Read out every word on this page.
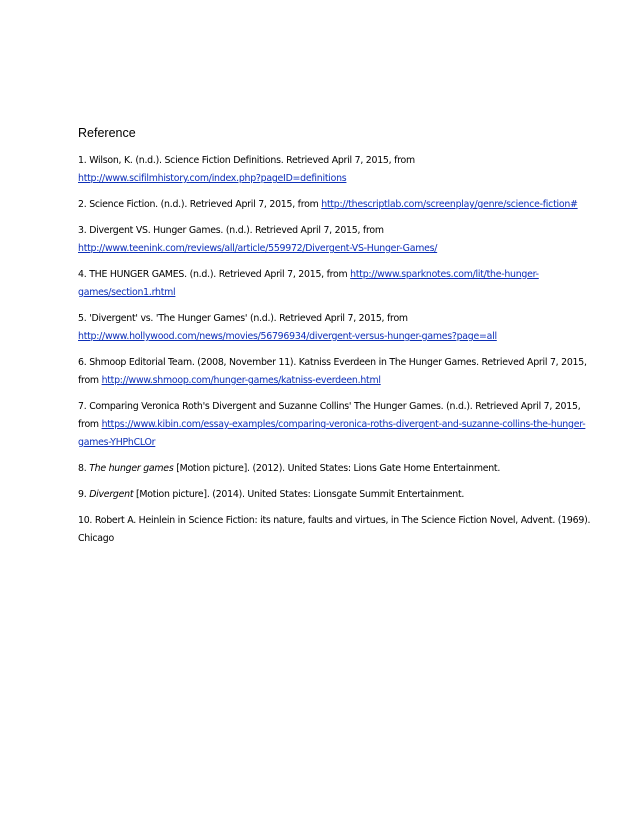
Reference
1. Wilson, K. (n.d.). Science Fiction Definitions. Retrieved April 7, 2015, from
http://www.scifilmhistory.com/index.php?pageID=definitions
2. Science Fiction. (n.d.). Retrieved April 7, 2015, from http://thescriptlab.com/screenplay/genre/science-fiction#
3. Divergent VS. Hunger Games. (n.d.). Retrieved April 7, 2015, from
http://www.teenink.com/reviews/all/article/559972/Divergent-VS-Hunger-Games/
4. THE HUNGER GAMES. (n.d.). Retrieved April 7, 2015, from http://www.sparknotes.com/lit/the-hunger-games/section1.rhtml
5. 'Divergent' vs. 'The Hunger Games' (n.d.). Retrieved April 7, 2015, from
http://www.hollywood.com/news/movies/56796934/divergent-versus-hunger-games?page=all
6. Shmoop Editorial Team. (2008, November 11). Katniss Everdeen in The Hunger Games. Retrieved April 7, 2015, from http://www.shmoop.com/hunger-games/katniss-everdeen.html
7. Comparing Veronica Roth's Divergent and Suzanne Collins' The Hunger Games. (n.d.). Retrieved April 7, 2015, from https://www.kibin.com/essay-examples/comparing-veronica-roths-divergent-and-suzanne-collins-the-hunger-games-YHPhCLOr
8. The hunger games [Motion picture]. (2012). United States: Lions Gate Home Entertainment.
9. Divergent [Motion picture]. (2014). United States: Lionsgate Summit Entertainment.
10. Robert A. Heinlein in Science Fiction: its nature, faults and virtues, in The Science Fiction Novel, Advent. (1969). Chicago
